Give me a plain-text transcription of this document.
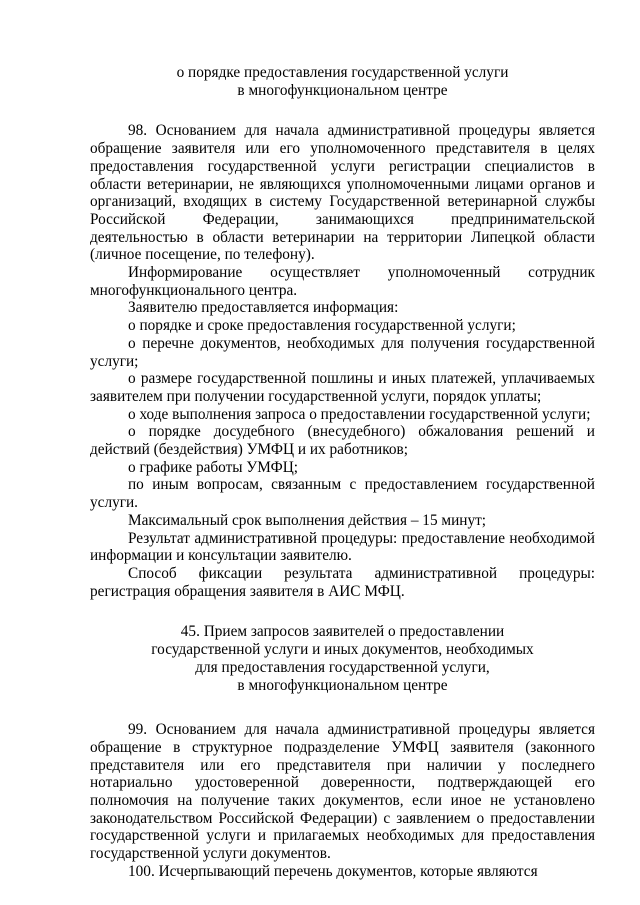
о порядке предоставления государственной услуги
в многофункциональном центре
98. Основанием для начала административной процедуры является обращение заявителя или его уполномоченного представителя в целях предоставления государственной услуги регистрации специалистов в области ветеринарии, не являющихся уполномоченными лицами органов и организаций, входящих в систему Государственной ветеринарной службы Российской Федерации, занимающихся предпринимательской деятельностью в области ветеринарии на территории Липецкой области (личное посещение, по телефону).
Информирование осуществляет уполномоченный сотрудник многофункционального центра.
Заявителю предоставляется информация:
о порядке и сроке предоставления государственной услуги;
о перечне документов, необходимых для получения государственной услуги;
о размере государственной пошлины и иных платежей, уплачиваемых заявителем при получении государственной услуги, порядок уплаты;
о ходе выполнения запроса о предоставлении государственной услуги;
о порядке досудебного (внесудебного) обжалования решений и действий (бездействия) УМФЦ и их работников;
о графике работы УМФЦ;
по иным вопросам, связанным с предоставлением государственной услуги.
Максимальный срок выполнения действия – 15 минут;
Результат административной процедуры: предоставление необходимой информации и консультации заявителю.
Способ фиксации результата административной процедуры: регистрация обращения заявителя в АИС МФЦ.
45. Прием запросов заявителей о предоставлении
государственной услуги и иных документов, необходимых
для предоставления государственной услуги,
в многофункциональном центре
99. Основанием для начала административной процедуры является обращение в структурное подразделение УМФЦ заявителя (законного представителя или его представителя при наличии у последнего нотариально удостоверенной доверенности, подтверждающей его полномочия на получение таких документов, если иное не установлено законодательством Российской Федерации) с заявлением о предоставлении государственной услуги и прилагаемых необходимых для предоставления государственной услуги документов.
100. Исчерпывающий перечень документов, которые являются
